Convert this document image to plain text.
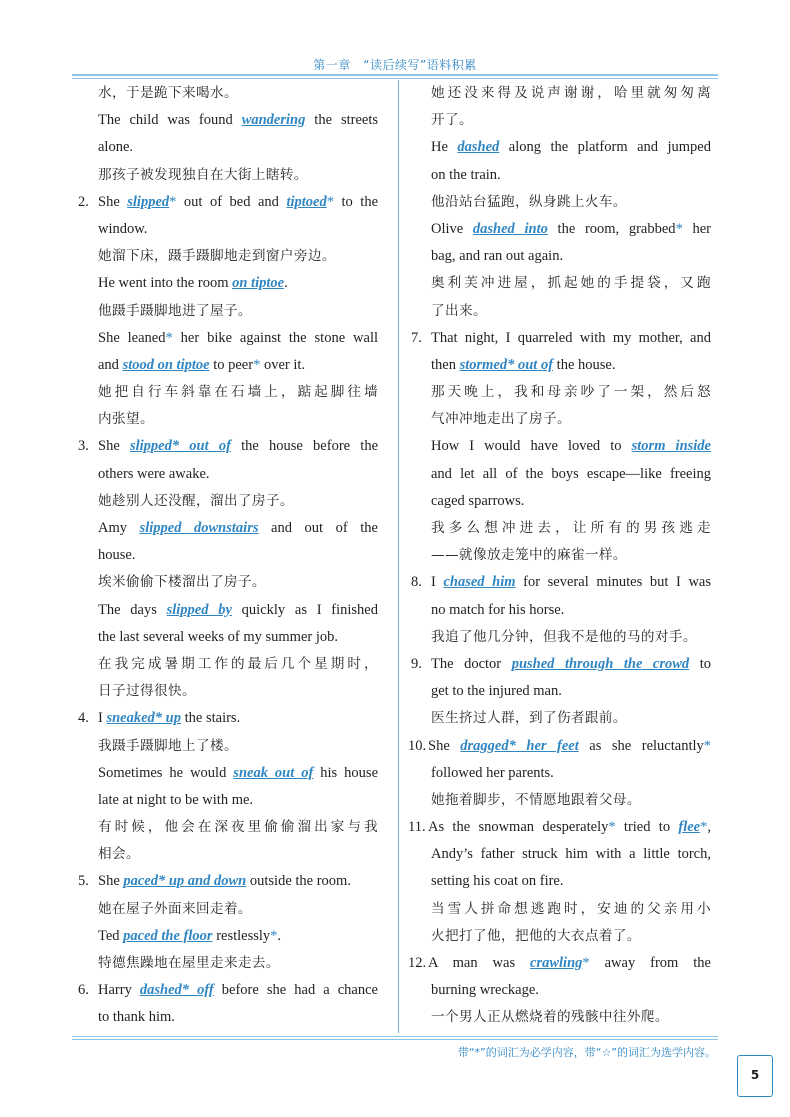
第一章　“读后续写”语料积累
水，于是跪下来喝水。
The child was found wandering the streets
alone.
那孩子被发现独自在大街上瞎转。
2. She slipped* out of bed and tiptoed* to the
window.
她溜下床，蹑手蹑脚地走到窗户旁边。
He went into the room on tiptoe.
他蹑手蹑脚地进了屋子。
She leaned* her bike against the stone wall
and stood on tiptoe to peer* over it.
她把自行车斜靠在石墙上，踮起脚往墙
内张望。
3. She slipped* out of the house before the
others were awake.
她趁别人还没醒，溜出了房子。
Amy slipped downstairs and out of the
house.
埃米偷偷下楼溜出了房子。
The days slipped by quickly as I finished
the last several weeks of my summer job.
在我完成暑期工作的最后几个星期时，
日子过得很快。
4. I sneaked* up the stairs.
我蹑手蹑脚地上了楼。
Sometimes he would sneak out of his house
late at night to be with me.
有时候，他会在深夜里偷偷溜出家与我
相会。
5. She paced* up and down outside the room.
她在屋子外面来回走着。
Ted paced the floor restlessly*.
特德焦躁地在屋里走来走去。
6. Harry dashed* off before she had a chance
to thank him.
她还没来得及说声谢谢，哈里就匆匆离
开了。
He dashed along the platform and jumped
on the train.
他沿站台猛跑，纵身跳上火车。
Olive dashed into the room, grabbed* her
bag, and ran out again.
奥利芙冲进屋，抓起她的手提袋，又跑
了出来。
7. That night, I quarreled with my mother, and
then stormed* out of the house.
那天晚上，我和母亲吵了一架，然后怒
气冲冲地走出了房子。
How I would have loved to storm inside
and let all of the boys escape—like freeing
caged sparrows.
我多么想冲进去，让所有的男孩逃走
——就像放走笼中的麻雀一样。
8. I chased him for several minutes but I was
no match for his horse.
我追了他几分钟，但我不是他的马的对手。
9. The doctor pushed through the crowd to
get to the injured man.
医生挤过人群，到了伤者跟前。
10. She dragged* her feet as she reluctantly*
followed her parents.
她拖着脚步，不情愿地跟着父母。
11. As the snowman desperately* tried to flee*,
Andy’s father struck him with a little torch,
setting his coat on fire.
当雪人拼命想逃跑时，安迪的父亲用小
火把打了他，把他的大衣点着了。
12. A man was crawling* away from the
burning wreckage.
一个男人正从燃烧着的残骸中往外爬。
带“*”的词汇为必学内容，带“☆”的词汇为选学内容。
5
